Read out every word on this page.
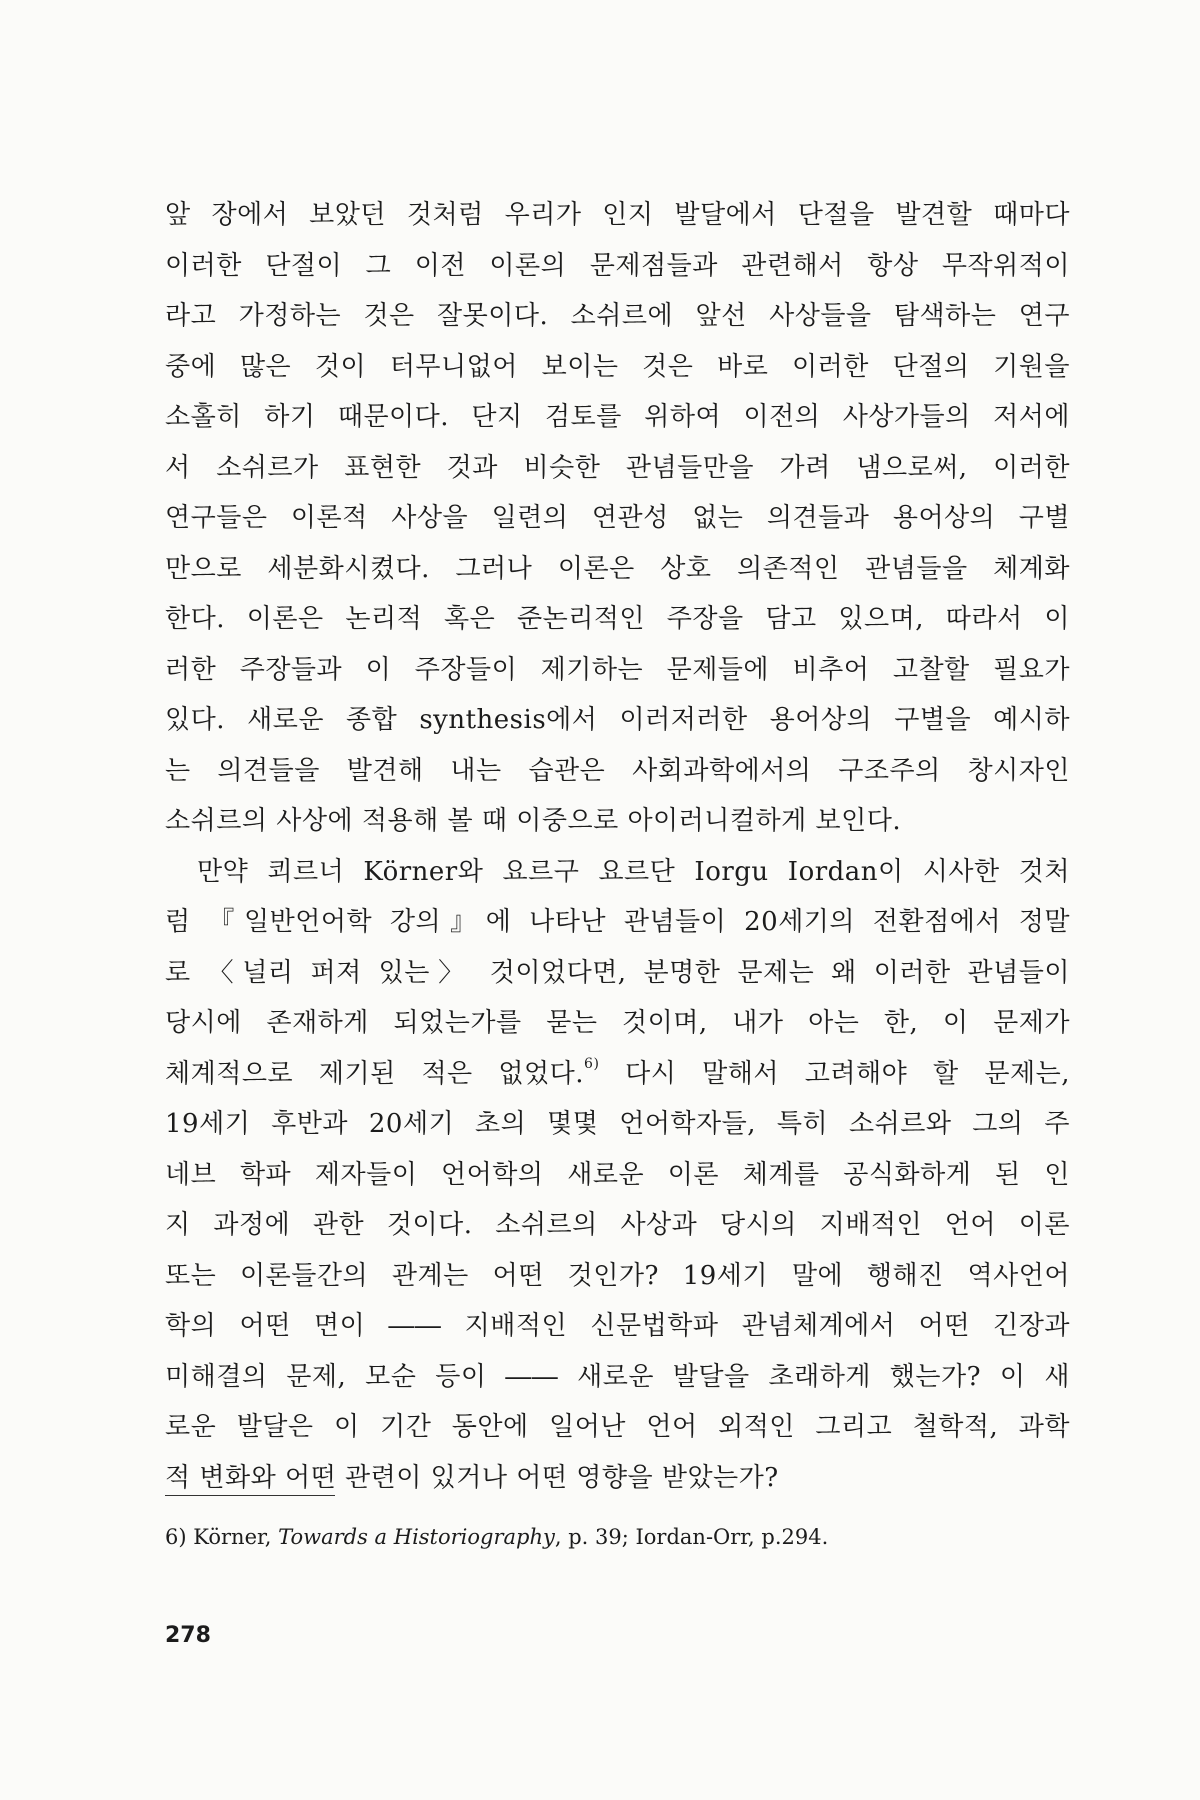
앞 장에서 보았던 것처럼 우리가 인지 발달에서 단절을 발견할 때마다
이러한 단절이 그 이전 이론의 문제점들과 관련해서 항상 무작위적이
라고 가정하는 것은 잘못이다. 소쉬르에 앞선 사상들을 탐색하는 연구
중에 많은 것이 터무니없어 보이는 것은 바로 이러한 단절의 기원을
소홀히 하기 때문이다. 단지 검토를 위하여 이전의 사상가들의 저서에
서 소쉬르가 표현한 것과 비슷한 관념들만을 가려 냄으로써, 이러한
연구들은 이론적 사상을 일련의 연관성 없는 의견들과 용어상의 구별
만으로 세분화시켰다. 그러나 이론은 상호 의존적인 관념들을 체계화
한다. 이론은 논리적 혹은 준논리적인 주장을 담고 있으며, 따라서 이
러한 주장들과 이 주장들이 제기하는 문제들에 비추어 고찰할 필요가
있다. 새로운 종합 synthesis에서 이러저러한 용어상의 구별을 예시하
는 의견들을 발견해 내는 습관은 사회과학에서의 구조주의 창시자인
소쉬르의 사상에 적용해 볼 때 이중으로 아이러니컬하게 보인다.
만약 쾨르너 Körner와 요르구 요르단 Iorgu Iordan이 시사한 것처
럼 『일반언어학 강의』에 나타난 관념들이 20세기의 전환점에서 정말
로 〈널리 퍼져 있는〉 것이었다면, 분명한 문제는 왜 이러한 관념들이
당시에 존재하게 되었는가를 묻는 것이며, 내가 아는 한, 이 문제가
체계적으로 제기된 적은 없었다.$^{6)}$ 다시 말해서 고려해야 할 문제는,
19세기 후반과 20세기 초의 몇몇 언어학자들, 특히 소쉬르와 그의 주
네브 학파 제자들이 언어학의 새로운 이론 체계를 공식화하게 된 인
지 과정에 관한 것이다. 소쉬르의 사상과 당시의 지배적인 언어 이론
또는 이론들간의 관계는 어떤 것인가? 19세기 말에 행해진 역사언어
학의 어떤 면이 ―― 지배적인 신문법학파 관념체계에서 어떤 긴장과
미해결의 문제, 모순 등이 ―― 새로운 발달을 초래하게 했는가? 이 새
로운 발달은 이 기간 동안에 일어난 언어 외적인 그리고 철학적, 과학
적 변화와 어떤 관련이 있거나 어떤 영향을 받았는가?
6) Körner, Towards a Historiography, p. 39; Iordan-Orr, p.294.
278
